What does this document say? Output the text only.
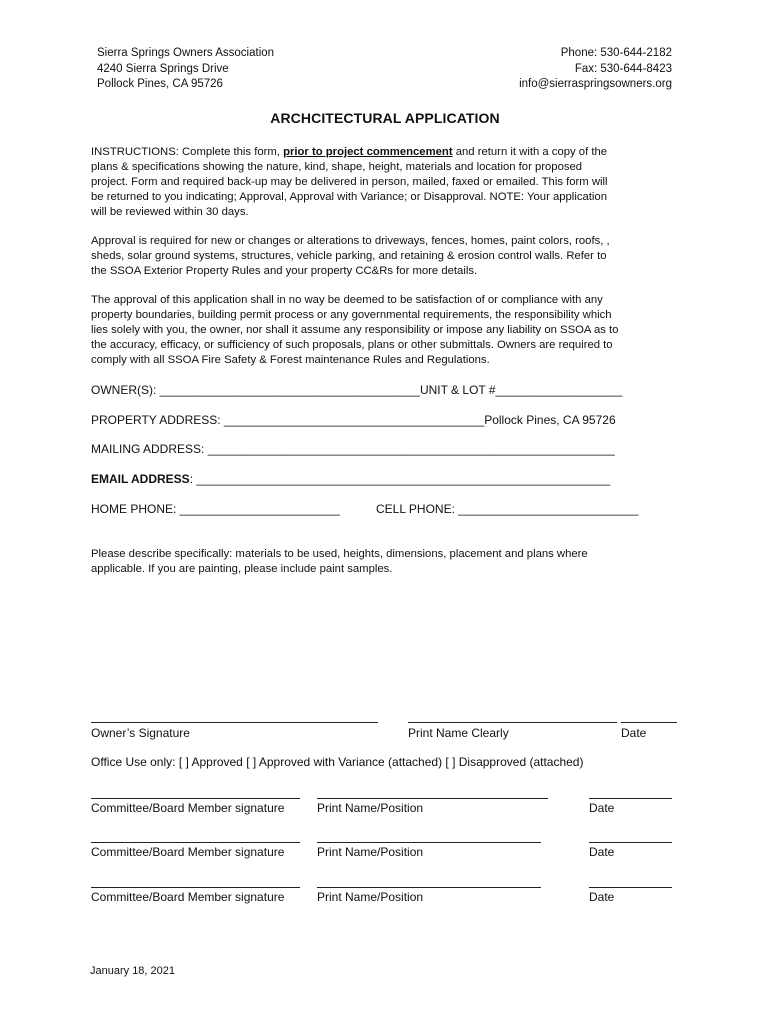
Sierra Springs Owners Association
4240 Sierra Springs Drive
Pollock Pines, CA 95726
Phone: 530-644-2182
Fax: 530-644-8423
info@sierraspringsowners.org
ARCHCITECTURAL APPLICATION
INSTRUCTIONS: Complete this form, prior to project commencement and return it with a copy of the
plans & specifications showing the nature, kind, shape, height, materials and location for proposed
project. Form and required back-up may be delivered in person, mailed, faxed or emailed. This form will
be returned to you indicating; Approval, Approval with Variance; or Disapproval. NOTE: Your application
will be reviewed within 30 days.
Approval is required for new or changes or alterations to driveways, fences, homes, paint colors, roofs, ,
sheds, solar ground systems, structures, vehicle parking, and retaining & erosion control walls. Refer to
the SSOA Exterior Property Rules and your property CC&Rs for more details.
The approval of this application shall in no way be deemed to be satisfaction of or compliance with any
property boundaries, building permit process or any governmental requirements, the responsibility which
lies solely with you, the owner, nor shall it assume any responsibility or impose any liability on SSOA as to
the accuracy, efficacy, or sufficiency of such proposals, plans or other submittals. Owners are required to
comply with all SSOA Fire Safety & Forest maintenance Rules and Regulations.
OWNER(S): _______________________________________UNIT & LOT #___________________
PROPERTY ADDRESS: _______________________________________Pollock Pines, CA 95726
MAILING ADDRESS: _____________________________________________________________
EMAIL ADDRESS: ______________________________________________________________
HOME PHONE: ________________________	CELL PHONE: ___________________________
Please describe specifically: materials to be used, heights, dimensions, placement and plans where
applicable. If you are painting, please include paint samples.
Owner’s Signature	Print Name Clearly	Date
Office Use only: [ ] Approved [ ] Approved with Variance (attached) [ ] Disapproved (attached)
Committee/Board Member signature	Print Name/Position	Date
Committee/Board Member signature	Print Name/Position	Date
Committee/Board Member signature	Print Name/Position	Date
January 18, 2021
